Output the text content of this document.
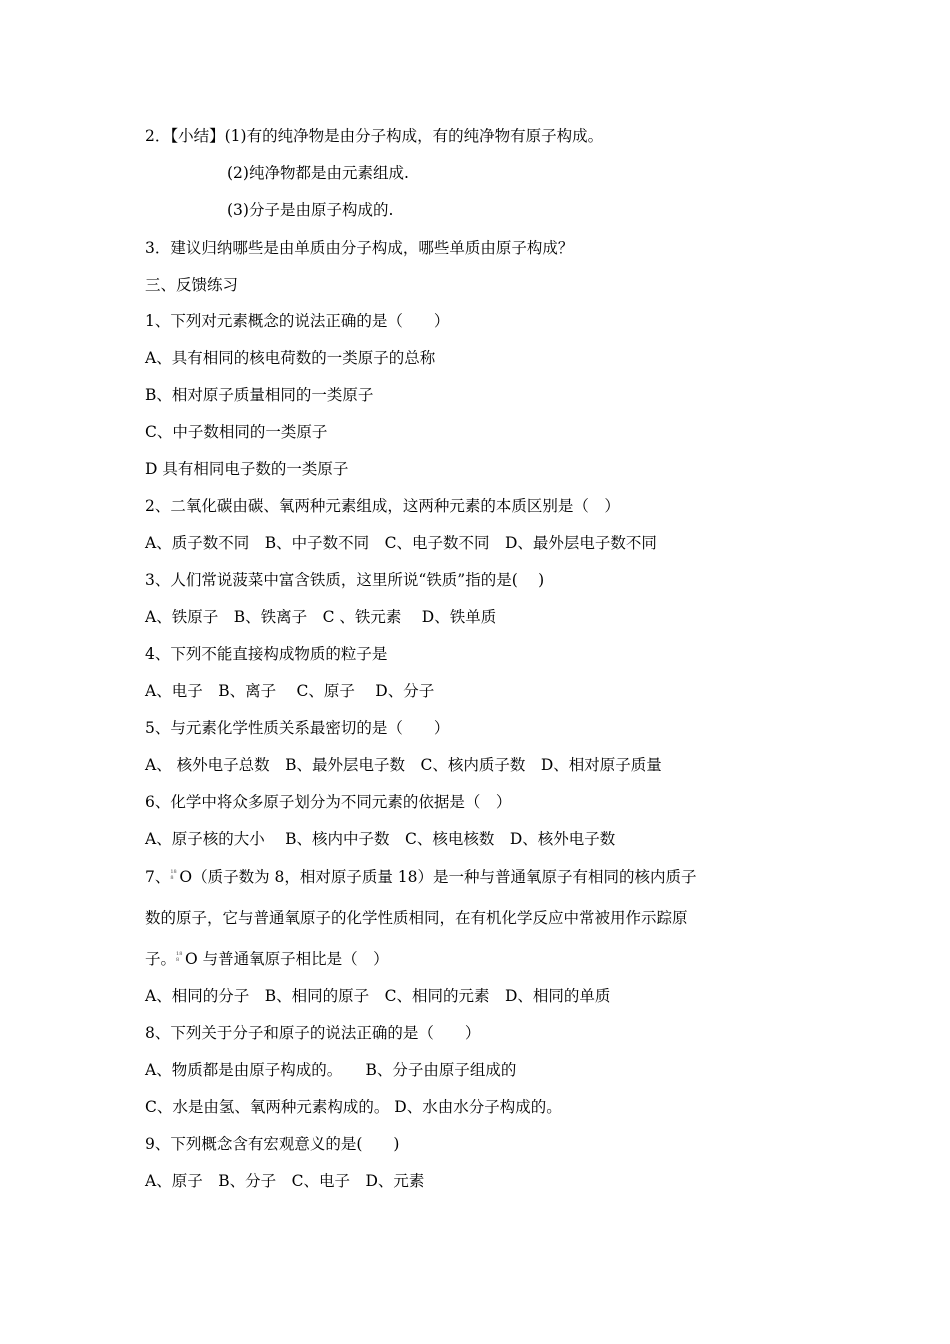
2．【小结】(1)有的纯净物是由分子构成，有的纯净物有原子构成。
(2)纯净物都是由元素组成.
(3)分子是由原子构成的.
3．建议归纳哪些是由单质由分子构成，哪些单质由原子构成？
三、反馈练习
1、下列对元素概念的说法正确的是（　　）
A、具有相同的核电荷数的一类原子的总称
B、相对原子质量相同的一类原子
C、中子数相同的一类原子
D 具有相同电子数的一类原子
2、二氧化碳由碳、氧两种元素组成，这两种元素的本质区别是（　）
A、质子数不同　B、中子数不同　C、电子数不同　D、最外层电子数不同
3、人们常说菠菜中富含铁质，这里所说“铁质”指的是(　 )
A、铁原子　B、铁离子　C 、铁元素　 D、铁单质
4、下列不能直接构成物质的粒子是
A、电子　B、离子　 C、原子　 D、分子
5、与元素化学性质关系最密切的是（　　）
A、 核外电子总数　B、最外层电子数　C、核内质子数　D、相对原子质量
6、化学中将众多原子划分为不同元素的依据是（　）
A、原子核的大小　 B、核内中子数　C、核电核数　D、核外电子数
7、 18
8 O（质子数为 8，相对原子质量 18）是一种与普通氧原子有相同的核内质子
数的原子，它与普通氧原子的化学性质相同，在有机化学反应中常被用作示踪原
子。 18
8 O 与普通氧原子相比是（　）
A、相同的分子　B、相同的原子　C、相同的元素　D、相同的单质
8、下列关于分子和原子的说法正确的是（　　）
A、物质都是由原子构成的。　　B、分子由原子组成的
C、水是由氢、氧两种元素构成的。 D、水由水分子构成的。
9、下列概念含有宏观意义的是(　　)
A、原子　B、分子　C、电子　D、元素
